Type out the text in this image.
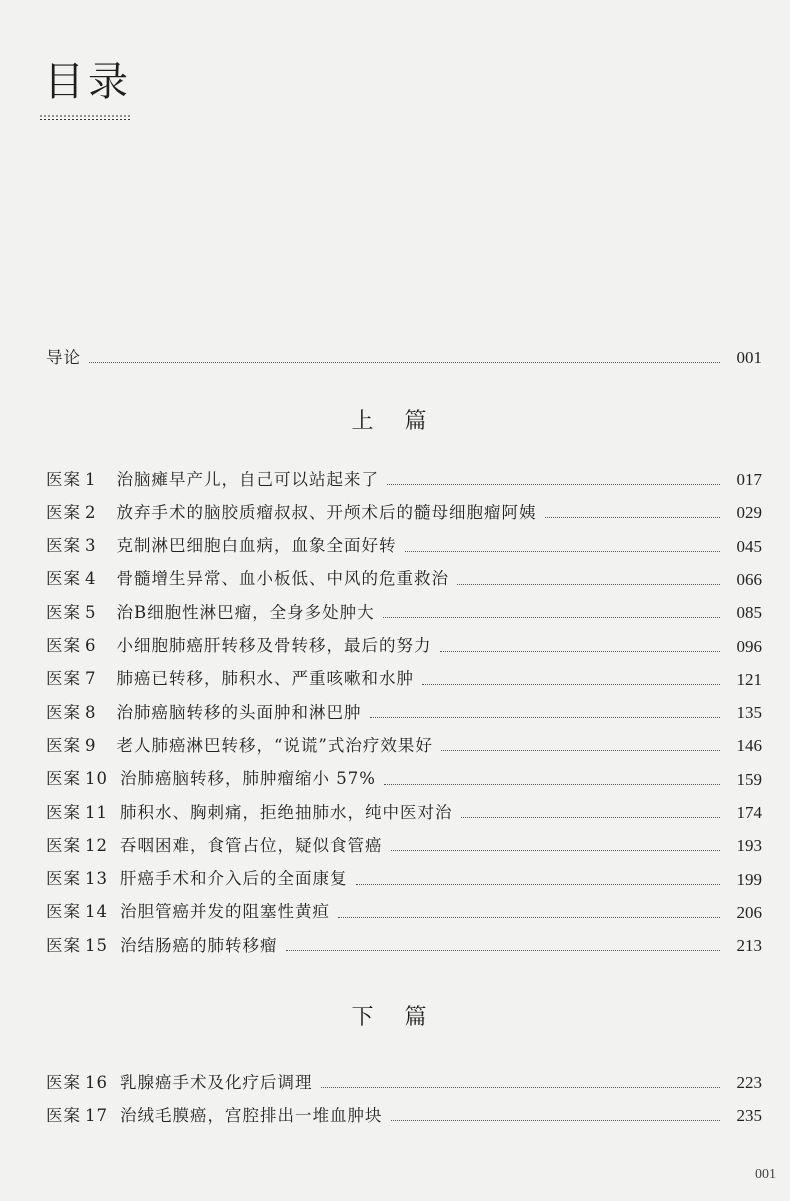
目录
导论	001
上 篇
医案 1 治脑瘫早产儿，自己可以站起来了	017
医案 2 放弃手术的脑胶质瘤叔叔、开颅术后的髓母细胞瘤阿姨	029
医案 3 克制淋巴细胞白血病，血象全面好转	045
医案 4 骨髓增生异常、血小板低、中风的危重救治	066
医案 5 治B细胞性淋巴瘤，全身多处肿大	085
医案 6 小细胞肺癌肝转移及骨转移，最后的努力	096
医案 7 肺癌已转移，肺积水、严重咳嗽和水肿	121
医案 8 治肺癌脑转移的头面肿和淋巴肿	135
医案 9 老人肺癌淋巴转移，“说谎”式治疗效果好	146
医案 10 治肺癌脑转移，肺肿瘤缩小 57%	159
医案 11 肺积水、胸刺痛，拒绝抽肺水，纯中医对治	174
医案 12 吞咽困难，食管占位，疑似食管癌	193
医案 13 肝癌手术和介入后的全面康复	199
医案 14 治胆管癌并发的阻塞性黄疸	206
医案 15 治结肠癌的肺转移瘤	213
下 篇
医案 16 乳腺癌手术及化疗后调理	223
医案 17 治绒毛膜癌，宫腔排出一堆血肿块	235
001
